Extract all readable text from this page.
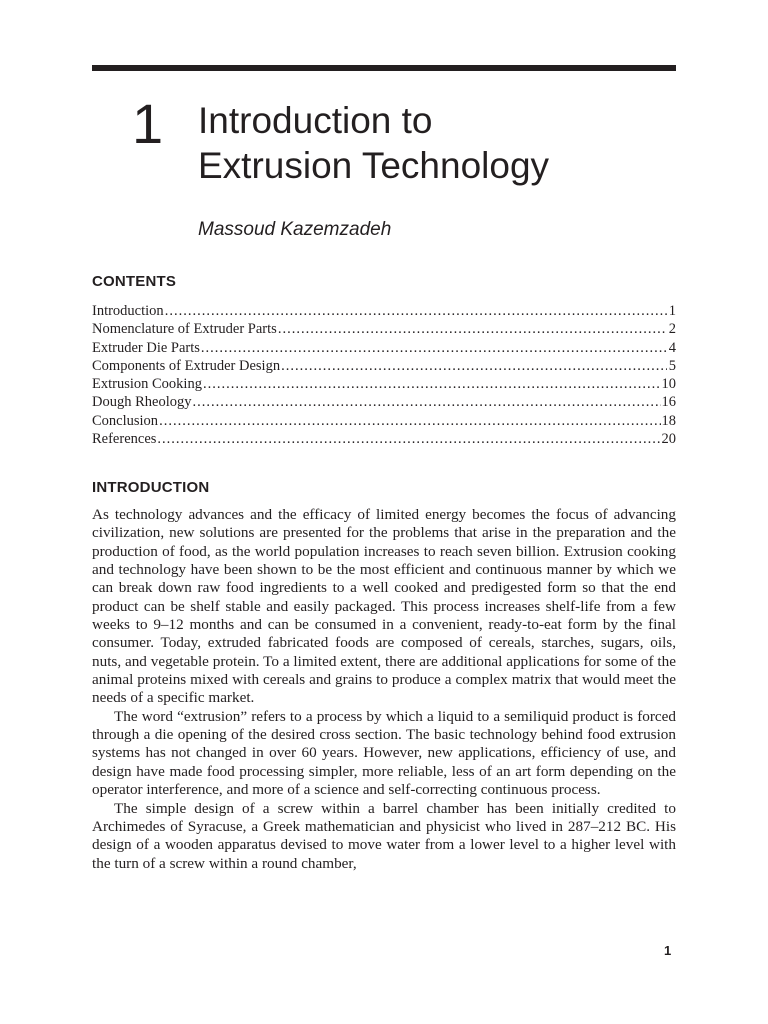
1 Introduction to
Extrusion Technology
Massoud Kazemzadeh
CONTENTS
Introduction .....	1
Nomenclature of Extruder Parts .....	2
Extruder Die Parts .....	4
Components of Extruder Design .....	5
Extrusion Cooking .....	10
Dough Rheology .....	16
Conclusion .....	18
References .....	20
INTRODUCTION

As technology advances and the efficacy of limited energy becomes the focus of advancing civilization, new solutions are presented for the problems that arise in the preparation and the production of food, as the world population increases to reach seven billion. Extrusion cooking and technology have been shown to be the most efficient and continuous manner by which we can break down raw food ingredients to a well cooked and predigested form so that the end product can be shelf stable and easily packaged. This process increases shelf-life from a few weeks to 9–12 months and can be consumed in a convenient, ready-to-eat form by the final consumer. Today, extruded fabricated foods are composed of cereals, starches, sugars, oils, nuts, and vegetable protein. To a limited extent, there are additional applications for some of the animal proteins mixed with cereals and grains to produce a complex matrix that would meet the needs of a specific market.

The word “extrusion” refers to a process by which a liquid to a semiliquid product is forced through a die opening of the desired cross section. The basic technology behind food extrusion systems has not changed in over 60 years. However, new applications, efficiency of use, and design have made food processing simpler, more reliable, less of an art form depending on the operator interference, and more of a science and self-correcting continuous process.

The simple design of a screw within a barrel chamber has been initially credited to Archimedes of Syracuse, a Greek mathematician and physicist who lived in 287–212 BC. His design of a wooden apparatus devised to move water from a lower level to a higher level with the turn of a screw within a round chamber,

1
